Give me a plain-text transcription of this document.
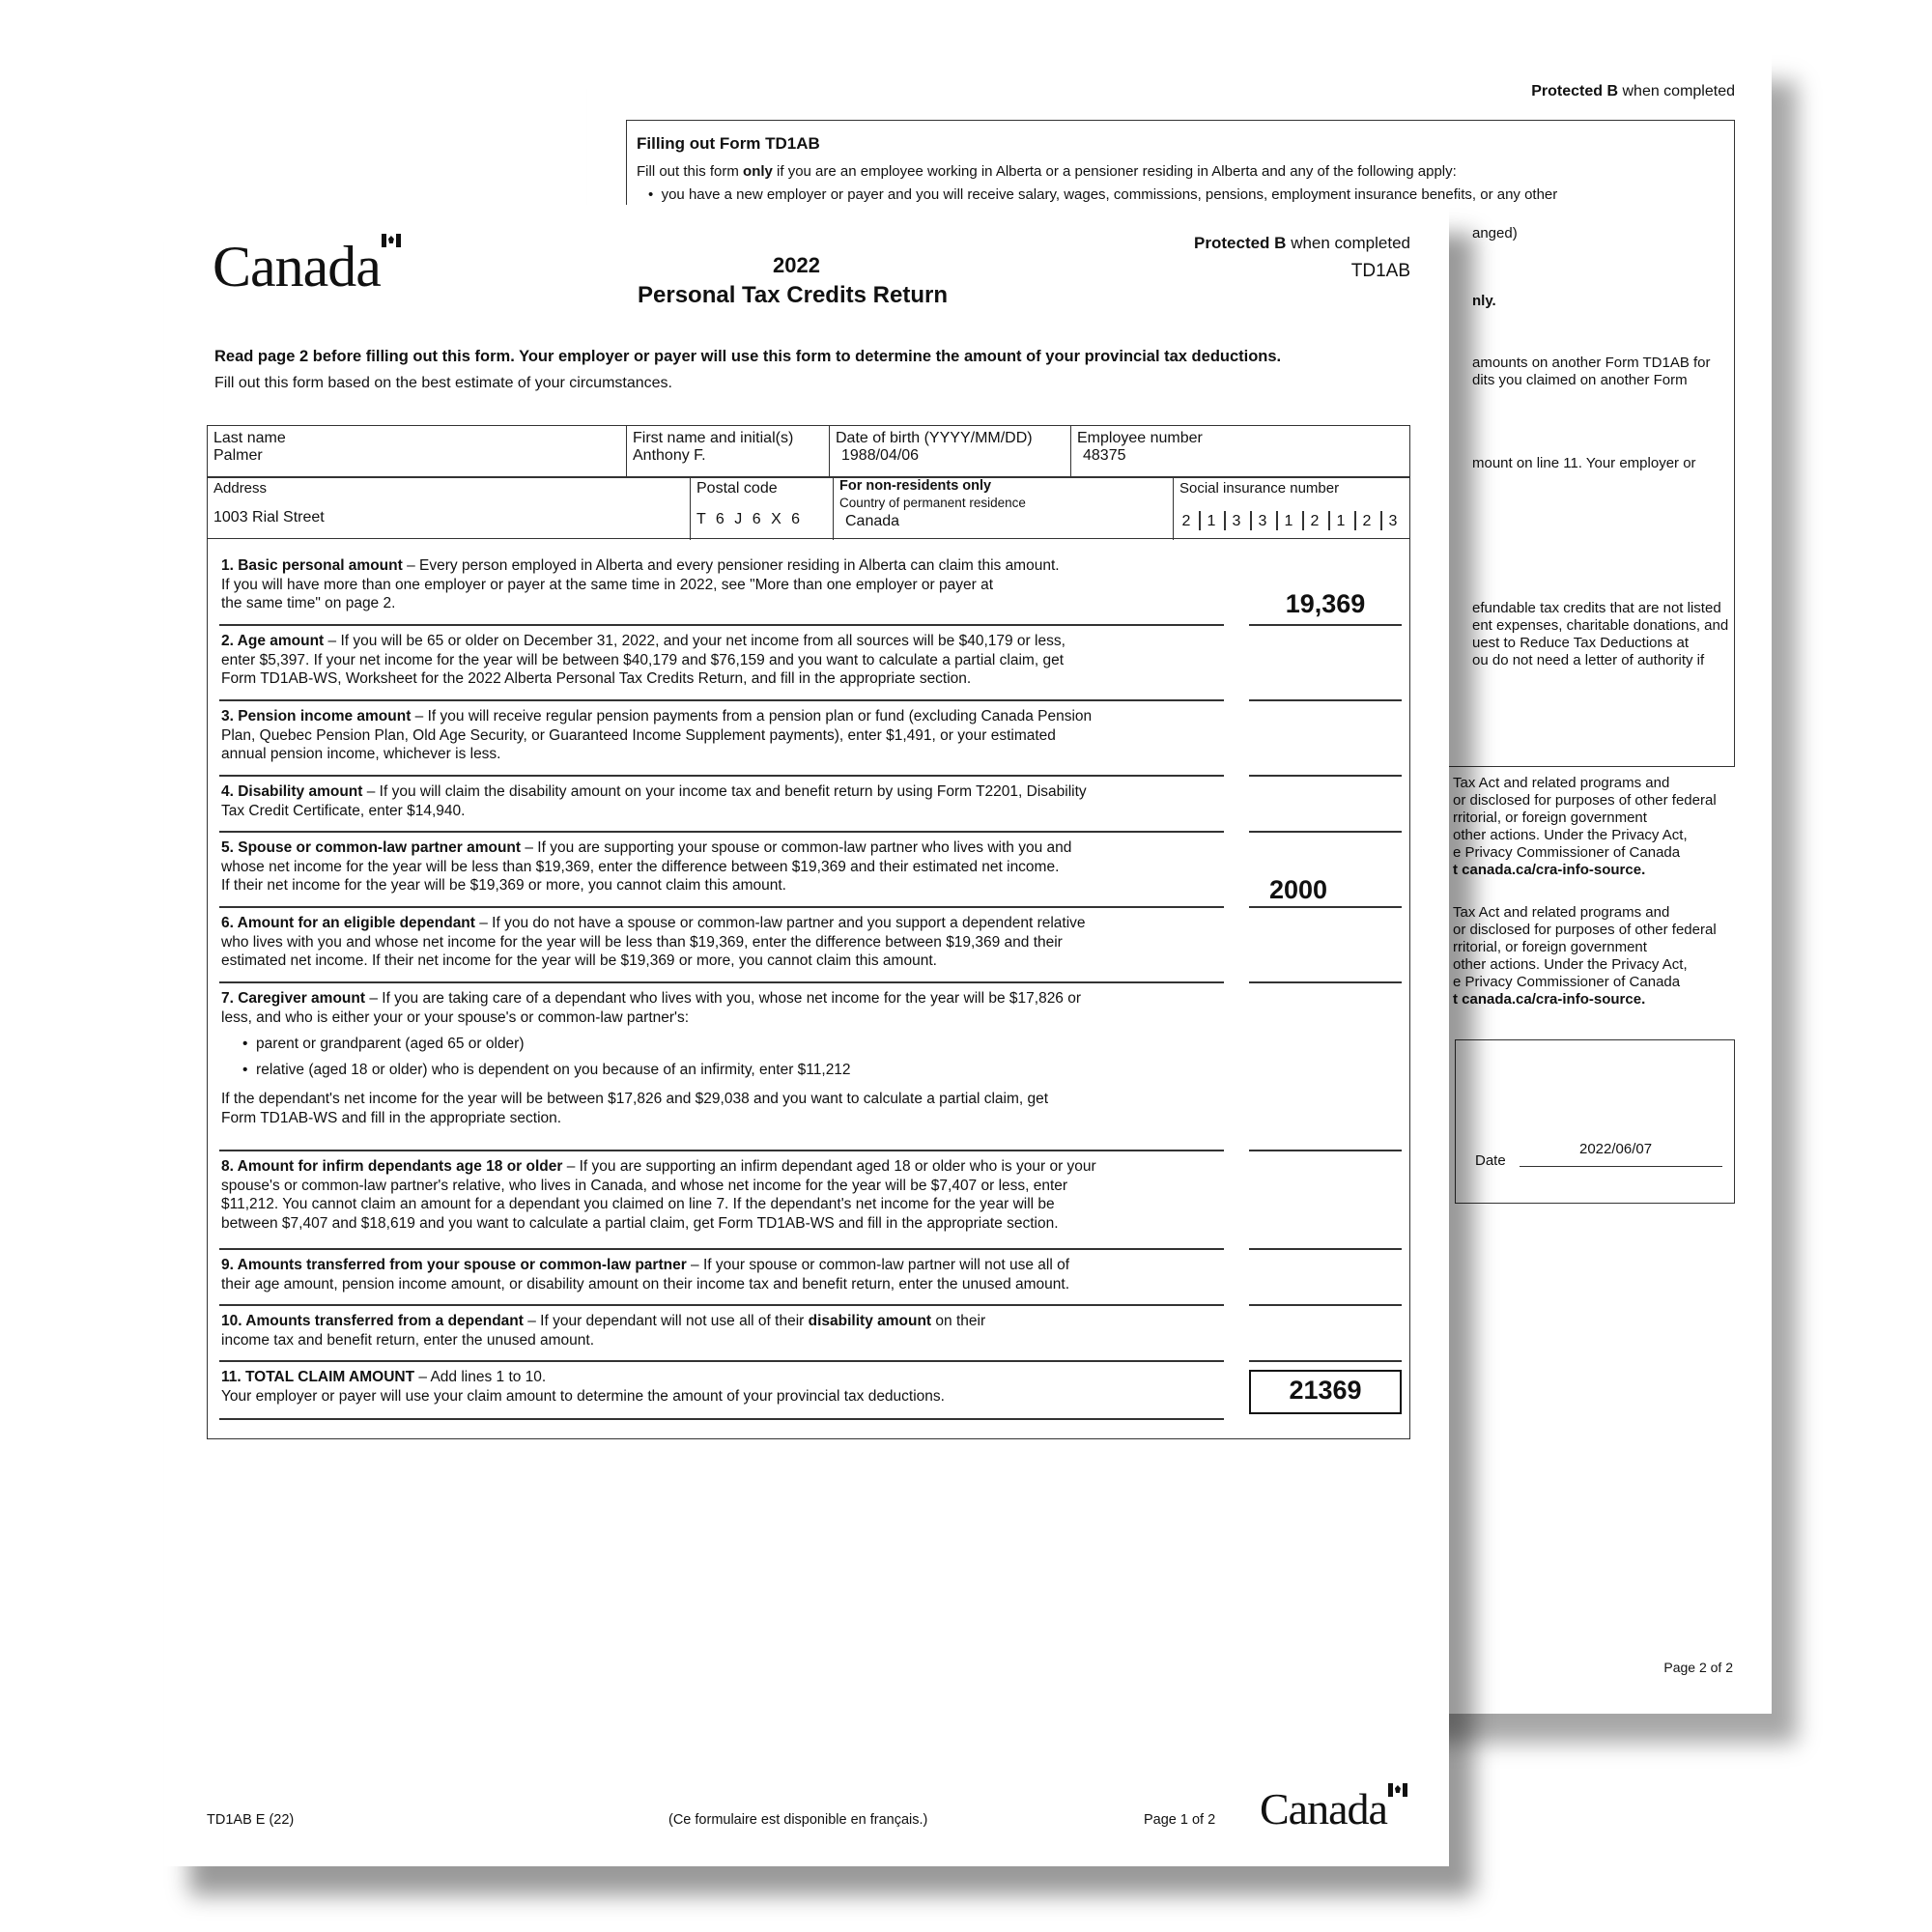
Protected B when completed
Filling out Form TD1AB
Fill out this form only if you are an employee working in Alberta or a pensioner residing in Alberta and any of the following apply:
•  you have a new employer or payer and you will receive salary, wages, commissions, pensions, employment insurance benefits, or any other
anged)
nly.
amounts on another Form TD1AB for
dits you claimed on another Form
mount on line 11. Your employer or
efundable tax credits that are not listed
ent expenses, charitable donations, and
uest to Reduce Tax Deductions at
ou do not need a letter of authority if
Tax Act and related programs and
or disclosed for purposes of other federal
rritorial, or foreign government
other actions. Under the Privacy Act,
e Privacy Commissioner of Canada
t canada.ca/cra-info-source.
Tax Act and related programs and
or disclosed for purposes of other federal
rritorial, or foreign government
other actions. Under the Privacy Act,
e Privacy Commissioner of Canada
t canada.ca/cra-info-source.
Date
2022/06/07
Page 2 of 2
Canada	2022
Personal Tax Credits Return
Protected B when completed
TD1AB
Read page 2 before filling out this form. Your employer or payer will use this form to determine the amount of your provincial tax deductions.
Fill out this form based on the best estimate of your circumstances.
Last name
Palmer
First name and initial(s)
Anthony F.
Date of birth (YYYY/MM/DD)
1988/04/06
Employee number
48375
Address
1003 Rial Street
Postal code
T 6 J 6 X 6
For non-residents only
Country of permanent residence
Canada
Social insurance number
2	1	3	3	1	2	1	2	3
1. Basic personal amount – Every person employed in Alberta and every pensioner residing in Alberta can claim this amount.
If you will have more than one employer or payer at the same time in 2022, see "More than one employer or payer at
the same time" on page 2.	19,369
2. Age amount – If you will be 65 or older on December 31, 2022, and your net income from all sources will be $40,179 or less,
enter $5,397. If your net income for the year will be between $40,179 and $76,159 and you want to calculate a partial claim, get
Form TD1AB-WS, Worksheet for the 2022 Alberta Personal Tax Credits Return, and fill in the appropriate section.
3. Pension income amount – If you will receive regular pension payments from a pension plan or fund (excluding Canada Pension
Plan, Quebec Pension Plan, Old Age Security, or Guaranteed Income Supplement payments), enter $1,491, or your estimated
annual pension income, whichever is less.
4. Disability amount – If you will claim the disability amount on your income tax and benefit return by using Form T2201, Disability
Tax Credit Certificate, enter $14,940.
5. Spouse or common-law partner amount – If you are supporting your spouse or common-law partner who lives with you and
whose net income for the year will be less than $19,369, enter the difference between $19,369 and their estimated net income.
If their net income for the year will be $19,369 or more, you cannot claim this amount.	2000
6. Amount for an eligible dependant – If you do not have a spouse or common-law partner and you support a dependent relative
who lives with you and whose net income for the year will be less than $19,369, enter the difference between $19,369 and their
estimated net income. If their net income for the year will be $19,369 or more, you cannot claim this amount.
7. Caregiver amount – If you are taking care of a dependant who lives with you, whose net income for the year will be $17,826 or
less, and who is either your or your spouse's or common-law partner's:
•  parent or grandparent (aged 65 or older)
•  relative (aged 18 or older) who is dependent on you because of an infirmity, enter $11,212
If the dependant's net income for the year will be between $17,826 and $29,038 and you want to calculate a partial claim, get
Form TD1AB-WS and fill in the appropriate section.
8. Amount for infirm dependants age 18 or older – If you are supporting an infirm dependant aged 18 or older who is your or your
spouse's or common-law partner's relative, who lives in Canada, and whose net income for the year will be $7,407 or less, enter
$11,212. You cannot claim an amount for a dependant you claimed on line 7. If the dependant's net income for the year will be
between $7,407 and $18,619 and you want to calculate a partial claim, get Form TD1AB-WS and fill in the appropriate section.
9. Amounts transferred from your spouse or common-law partner – If your spouse or common-law partner will not use all of
their age amount, pension income amount, or disability amount on their income tax and benefit return, enter the unused amount.
10. Amounts transferred from a dependant – If your dependant will not use all of their disability amount on their
income tax and benefit return, enter the unused amount.
11. TOTAL CLAIM AMOUNT – Add lines 1 to 10.
Your employer or payer will use your claim amount to determine the amount of your provincial tax deductions.	21369
TD1AB E (22)	(Ce formulaire est disponible en français.)	Page 1 of 2 Canada
